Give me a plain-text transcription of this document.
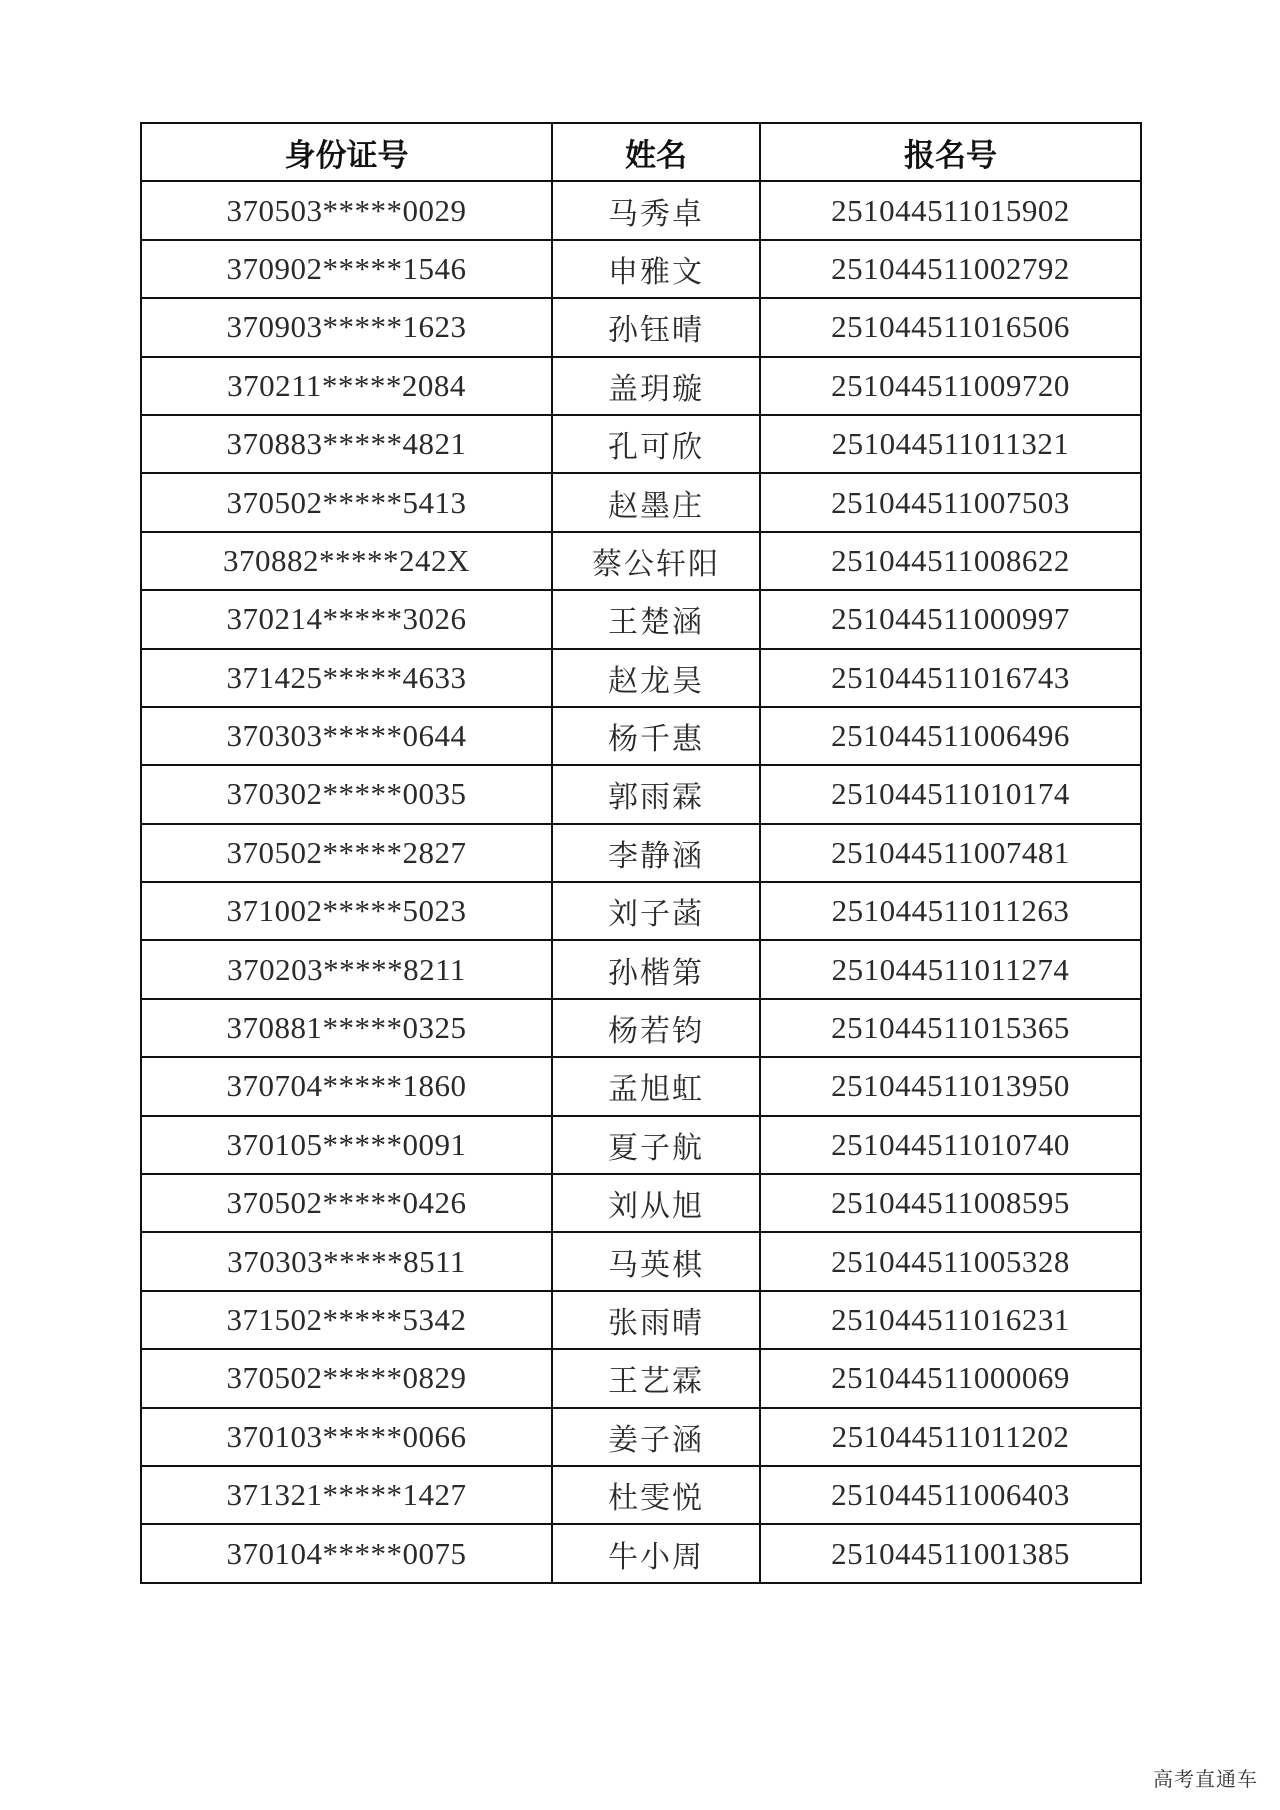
身份证号	姓名	报名号
370503*****0029	马秀卓	251044511015902
370902*****1546	申雅文	251044511002792
370903*****1623	孙钰晴	251044511016506
370211*****2084	盖玥璇	251044511009720
370883*****4821	孔可欣	251044511011321
370502*****5413	赵墨庄	251044511007503
370882*****242X	蔡公轩阳	251044511008622
370214*****3026	王楚涵	251044511000997
371425*****4633	赵龙昊	251044511016743
370303*****0644	杨千惠	251044511006496
370302*****0035	郭雨霖	251044511010174
370502*****2827	李静涵	251044511007481
371002*****5023	刘子菡	251044511011263
370203*****8211	孙楷第	251044511011274
370881*****0325	杨若钧	251044511015365
370704*****1860	孟旭虹	251044511013950
370105*****0091	夏子航	251044511010740
370502*****0426	刘从旭	251044511008595
370303*****8511	马英棋	251044511005328
371502*****5342	张雨晴	251044511016231
370502*****0829	王艺霖	251044511000069
370103*****0066	姜子涵	251044511011202
371321*****1427	杜雯悦	251044511006403
370104*****0075	牛小周	251044511001385
高考直通车
